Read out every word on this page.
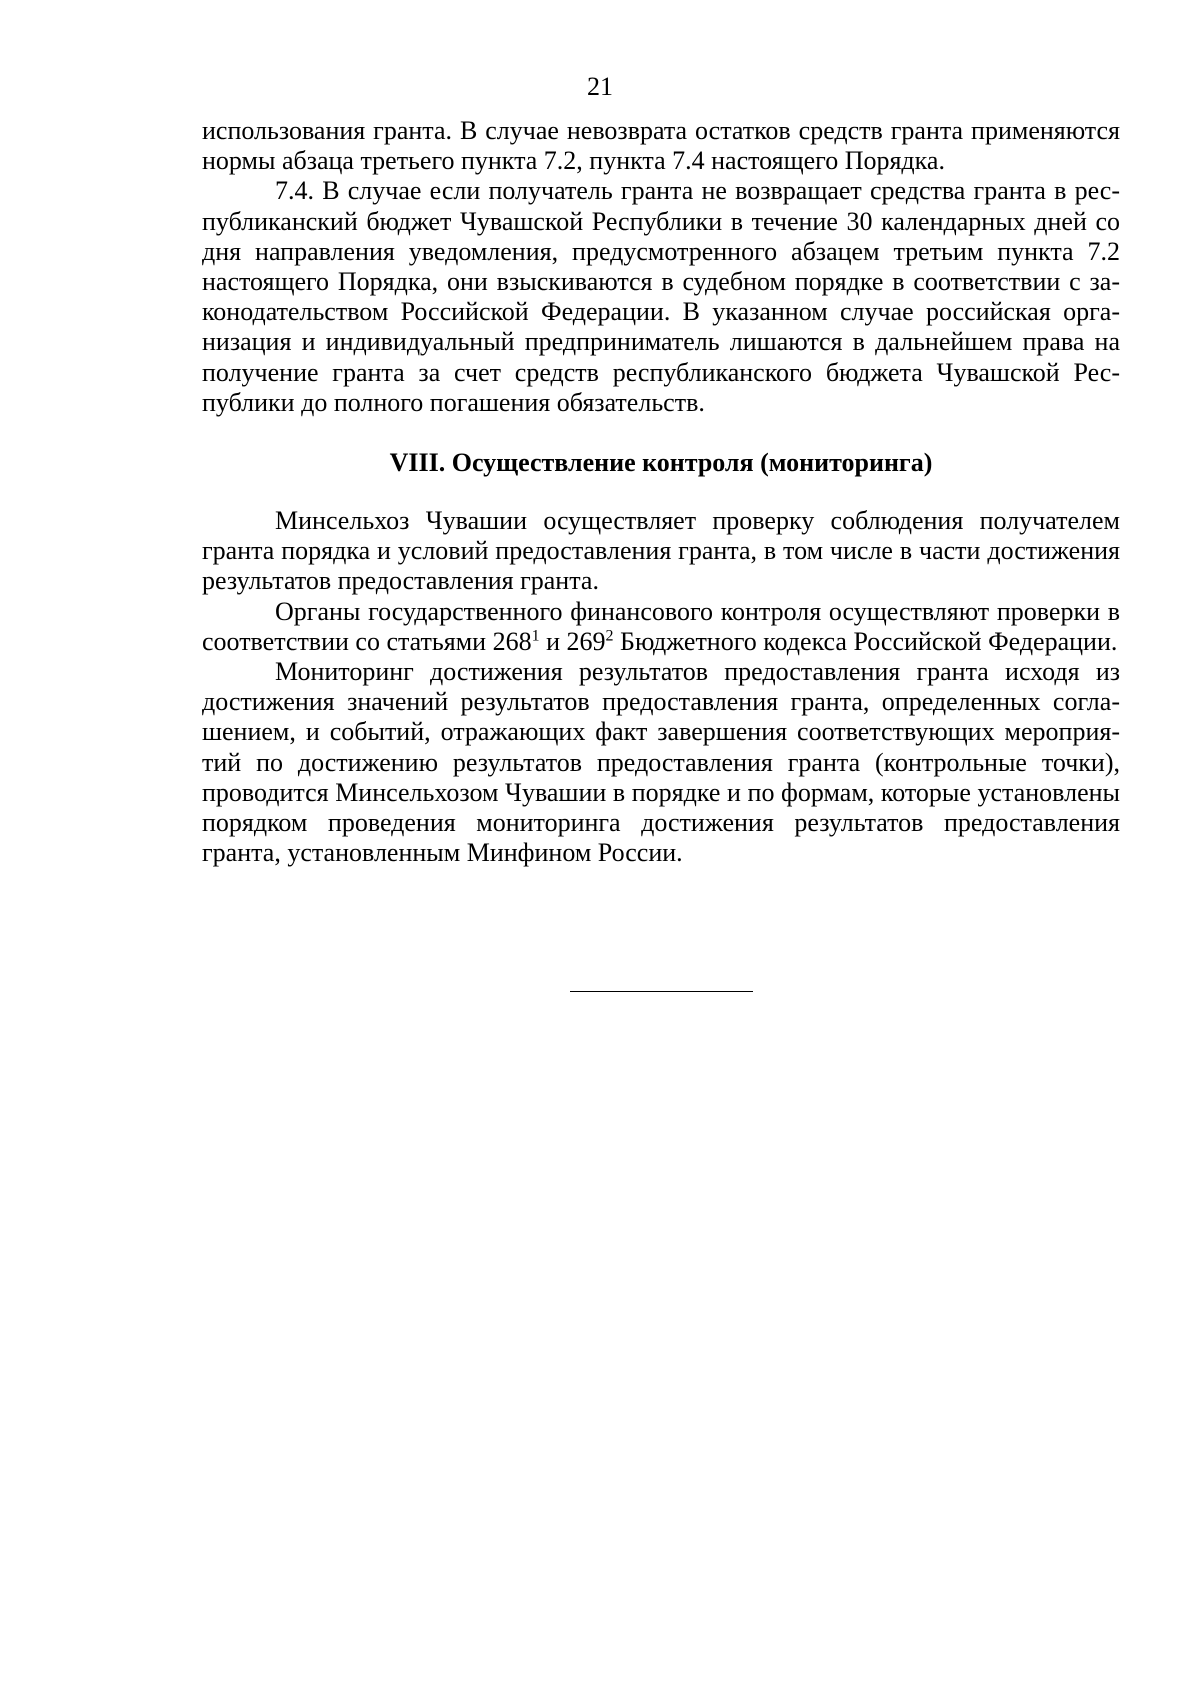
21

использования гранта. В случае невозврата остатков средств гранта применяются нормы абзаца третьего пункта 7.2, пункта 7.4 настоящего Порядка.

7.4. В случае если получатель гранта не возвращает средства гранта в республиканский бюджет Чувашской Республики в течение 30 календарных дней со дня направления уведомления, предусмотренного абзацем третьим пункта 7.2 настоящего Порядка, они взыскиваются в судебном порядке в соответствии с законодательством Российской Федерации. В указанном случае российская организация и индивидуальный предприниматель лишаются в дальнейшем права на получение гранта за счет средств республиканского бюджета Чувашской Республики до полного погашения обязательств.

VIII. Осуществление контроля (мониторинга)

Минсельхоз Чувашии осуществляет проверку соблюдения получателем гранта порядка и условий предоставления гранта, в том числе в части достижения результатов предоставления гранта.

Органы государственного финансового контроля осуществляют проверки в соответствии со статьями $268^1$ и $269^2$ Бюджетного кодекса Российской Федерации.

Мониторинг достижения результатов предоставления гранта исходя из достижения значений результатов предоставления гранта, определенных соглашением, и событий, отражающих факт завершения соответствующих мероприятий по достижению результатов предоставления гранта (контрольные точки), проводится Минсельхозом Чувашии в порядке и по формам, которые установлены порядком проведения мониторинга достижения результатов предоставления гранта, установленным Минфином России.
